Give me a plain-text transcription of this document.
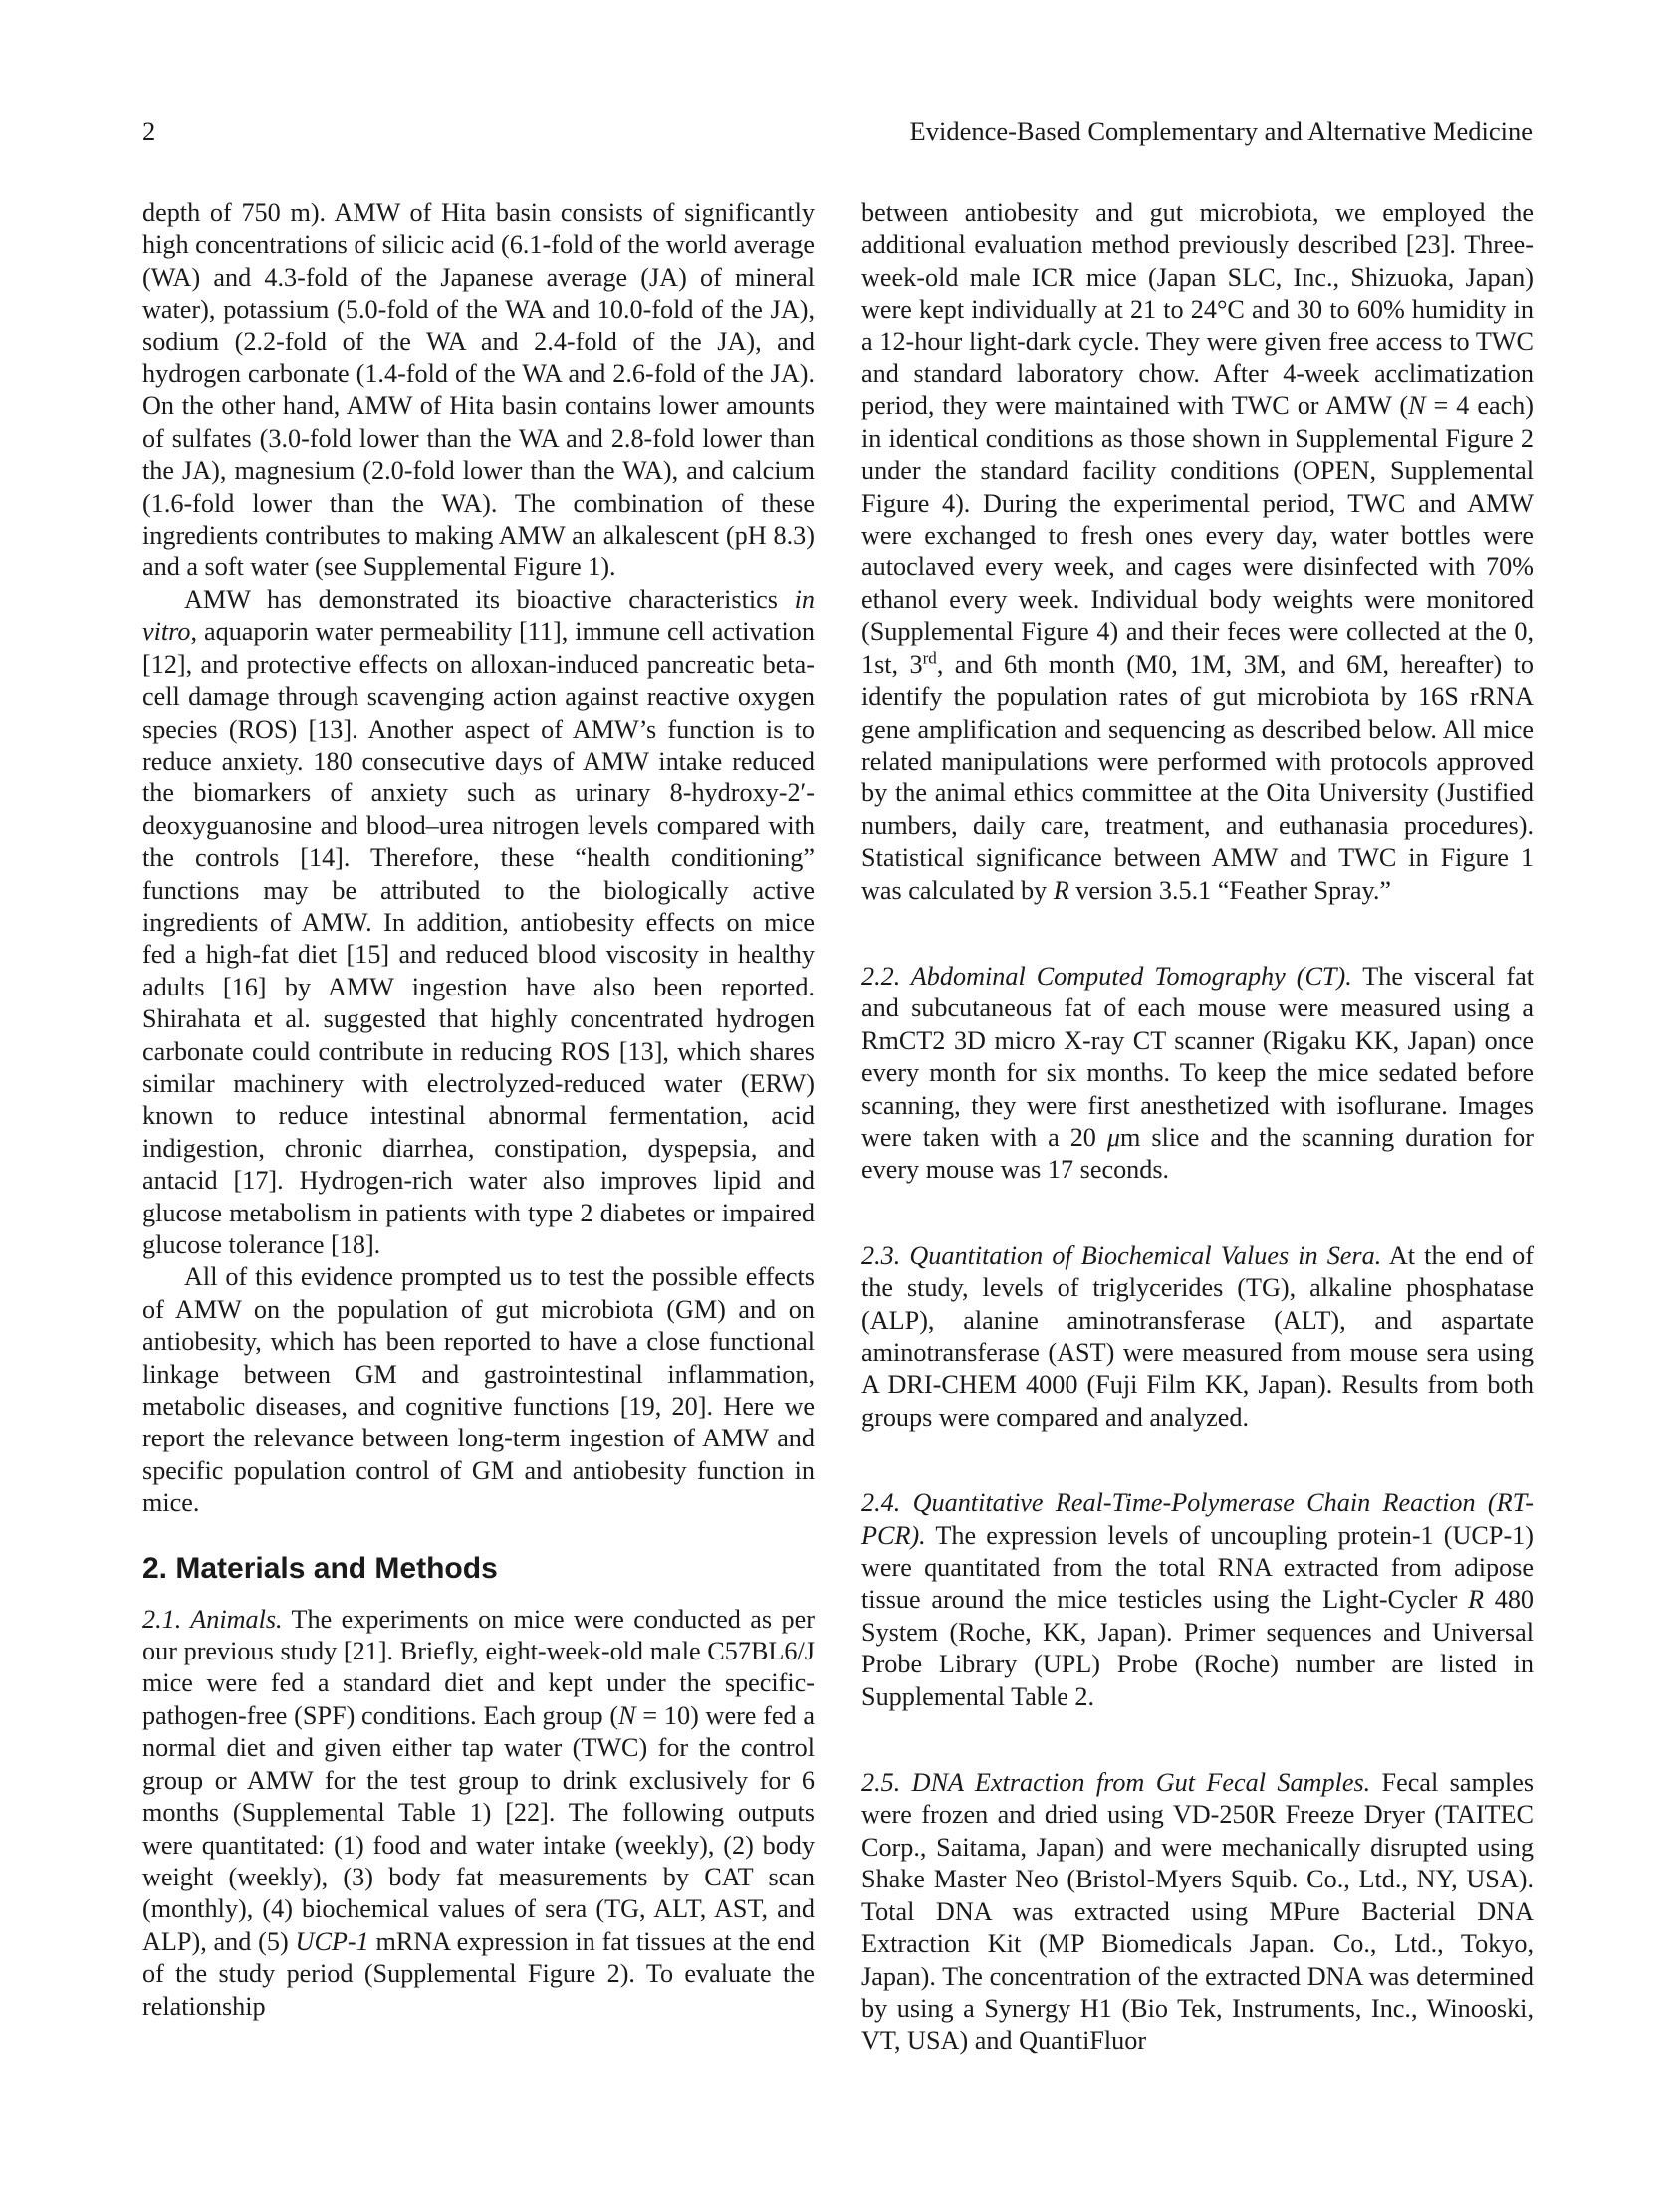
2	Evidence-Based Complementary and Alternative Medicine

depth of 750 m). AMW of Hita basin consists of significantly high concentrations of silicic acid (6.1-fold of the world average (WA) and 4.3-fold of the Japanese average (JA) of mineral water), potassium (5.0-fold of the WA and 10.0-fold of the JA), sodium (2.2-fold of the WA and 2.4-fold of the JA), and hydrogen carbonate (1.4-fold of the WA and 2.6-fold of the JA). On the other hand, AMW of Hita basin contains lower amounts of sulfates (3.0-fold lower than the WA and 2.8-fold lower than the JA), magnesium (2.0-fold lower than the WA), and calcium (1.6-fold lower than the WA). The combination of these ingredients contributes to making AMW an alkalescent (pH 8.3) and a soft water (see Supplemental Figure 1).

AMW has demonstrated its bioactive characteristics in vitro, aquaporin water permeability [11], immune cell activation [12], and protective effects on alloxan-induced pancreatic beta-cell damage through scavenging action against reactive oxygen species (ROS) [13]. Another aspect of AMW’s function is to reduce anxiety. 180 consecutive days of AMW intake reduced the biomarkers of anxiety such as urinary 8-hydroxy-2′-deoxyguanosine and blood–urea nitrogen levels compared with the controls [14]. Therefore, these “health conditioning” functions may be attributed to the biologically active ingredients of AMW. In addition, antiobesity effects on mice fed a high-fat diet [15] and reduced blood viscosity in healthy adults [16] by AMW ingestion have also been reported. Shirahata et al. suggested that highly concentrated hydrogen carbonate could contribute in reducing ROS [13], which shares similar machinery with electrolyzed-reduced water (ERW) known to reduce intestinal abnormal fermentation, acid indigestion, chronic diarrhea, constipation, dyspepsia, and antacid [17]. Hydrogen-rich water also improves lipid and glucose metabolism in patients with type 2 diabetes or impaired glucose tolerance [18].

All of this evidence prompted us to test the possible effects of AMW on the population of gut microbiota (GM) and on antiobesity, which has been reported to have a close functional linkage between GM and gastrointestinal inflammation, metabolic diseases, and cognitive functions [19, 20]. Here we report the relevance between long-term ingestion of AMW and specific population control of GM and antiobesity function in mice.

2. Materials and Methods

2.1. Animals. The experiments on mice were conducted as per our previous study [21]. Briefly, eight-week-old male C57BL6/J mice were fed a standard diet and kept under the specific-pathogen-free (SPF) conditions. Each group (N = 10) were fed a normal diet and given either tap water (TWC) for the control group or AMW for the test group to drink exclusively for 6 months (Supplemental Table 1) [22]. The following outputs were quantitated: (1) food and water intake (weekly), (2) body weight (weekly), (3) body fat measurements by CAT scan (monthly), (4) biochemical values of sera (TG, ALT, AST, and ALP), and (5) UCP-1 mRNA expression in fat tissues at the end of the study period (Supplemental Figure 2). To evaluate the relationship

between antiobesity and gut microbiota, we employed the additional evaluation method previously described [23]. Three-week-old male ICR mice (Japan SLC, Inc., Shizuoka, Japan) were kept individually at 21 to 24°C and 30 to 60% humidity in a 12-hour light-dark cycle. They were given free access to TWC and standard laboratory chow. After 4-week acclimatization period, they were maintained with TWC or AMW (N = 4 each) in identical conditions as those shown in Supplemental Figure 2 under the standard facility conditions (OPEN, Supplemental Figure 4). During the experimental period, TWC and AMW were exchanged to fresh ones every day, water bottles were autoclaved every week, and cages were disinfected with 70% ethanol every week. Individual body weights were monitored (Supplemental Figure 4) and their feces were collected at the 0, 1st, 3rd, and 6th month (M0, 1M, 3M, and 6M, hereafter) to identify the population rates of gut microbiota by 16S rRNA gene amplification and sequencing as described below. All mice related manipulations were performed with protocols approved by the animal ethics committee at the Oita University (Justified numbers, daily care, treatment, and euthanasia procedures). Statistical significance between AMW and TWC in Figure 1 was calculated by R version 3.5.1 “Feather Spray.”

2.2. Abdominal Computed Tomography (CT). The visceral fat and subcutaneous fat of each mouse were measured using a RmCT2 3D micro X-ray CT scanner (Rigaku KK, Japan) once every month for six months. To keep the mice sedated before scanning, they were first anesthetized with isoflurane. Images were taken with a 20 μm slice and the scanning duration for every mouse was 17 seconds.

2.3. Quantitation of Biochemical Values in Sera. At the end of the study, levels of triglycerides (TG), alkaline phosphatase (ALP), alanine aminotransferase (ALT), and aspartate aminotransferase (AST) were measured from mouse sera using A DRI-CHEM 4000 (Fuji Film KK, Japan). Results from both groups were compared and analyzed.

2.4. Quantitative Real-Time-Polymerase Chain Reaction (RT-PCR). The expression levels of uncoupling protein-1 (UCP-1) were quantitated from the total RNA extracted from adipose tissue around the mice testicles using the Light-Cycler R 480 System (Roche, KK, Japan). Primer sequences and Universal Probe Library (UPL) Probe (Roche) number are listed in Supplemental Table 2.

2.5. DNA Extraction from Gut Fecal Samples. Fecal samples were frozen and dried using VD-250R Freeze Dryer (TAITEC Corp., Saitama, Japan) and were mechanically disrupted using Shake Master Neo (Bristol-Myers Squib. Co., Ltd., NY, USA). Total DNA was extracted using MPure Bacterial DNA Extraction Kit (MP Biomedicals Japan. Co., Ltd., Tokyo, Japan). The concentration of the extracted DNA was determined by using a Synergy H1 (Bio Tek, Instruments, Inc., Winooski, VT, USA) and QuantiFluor
